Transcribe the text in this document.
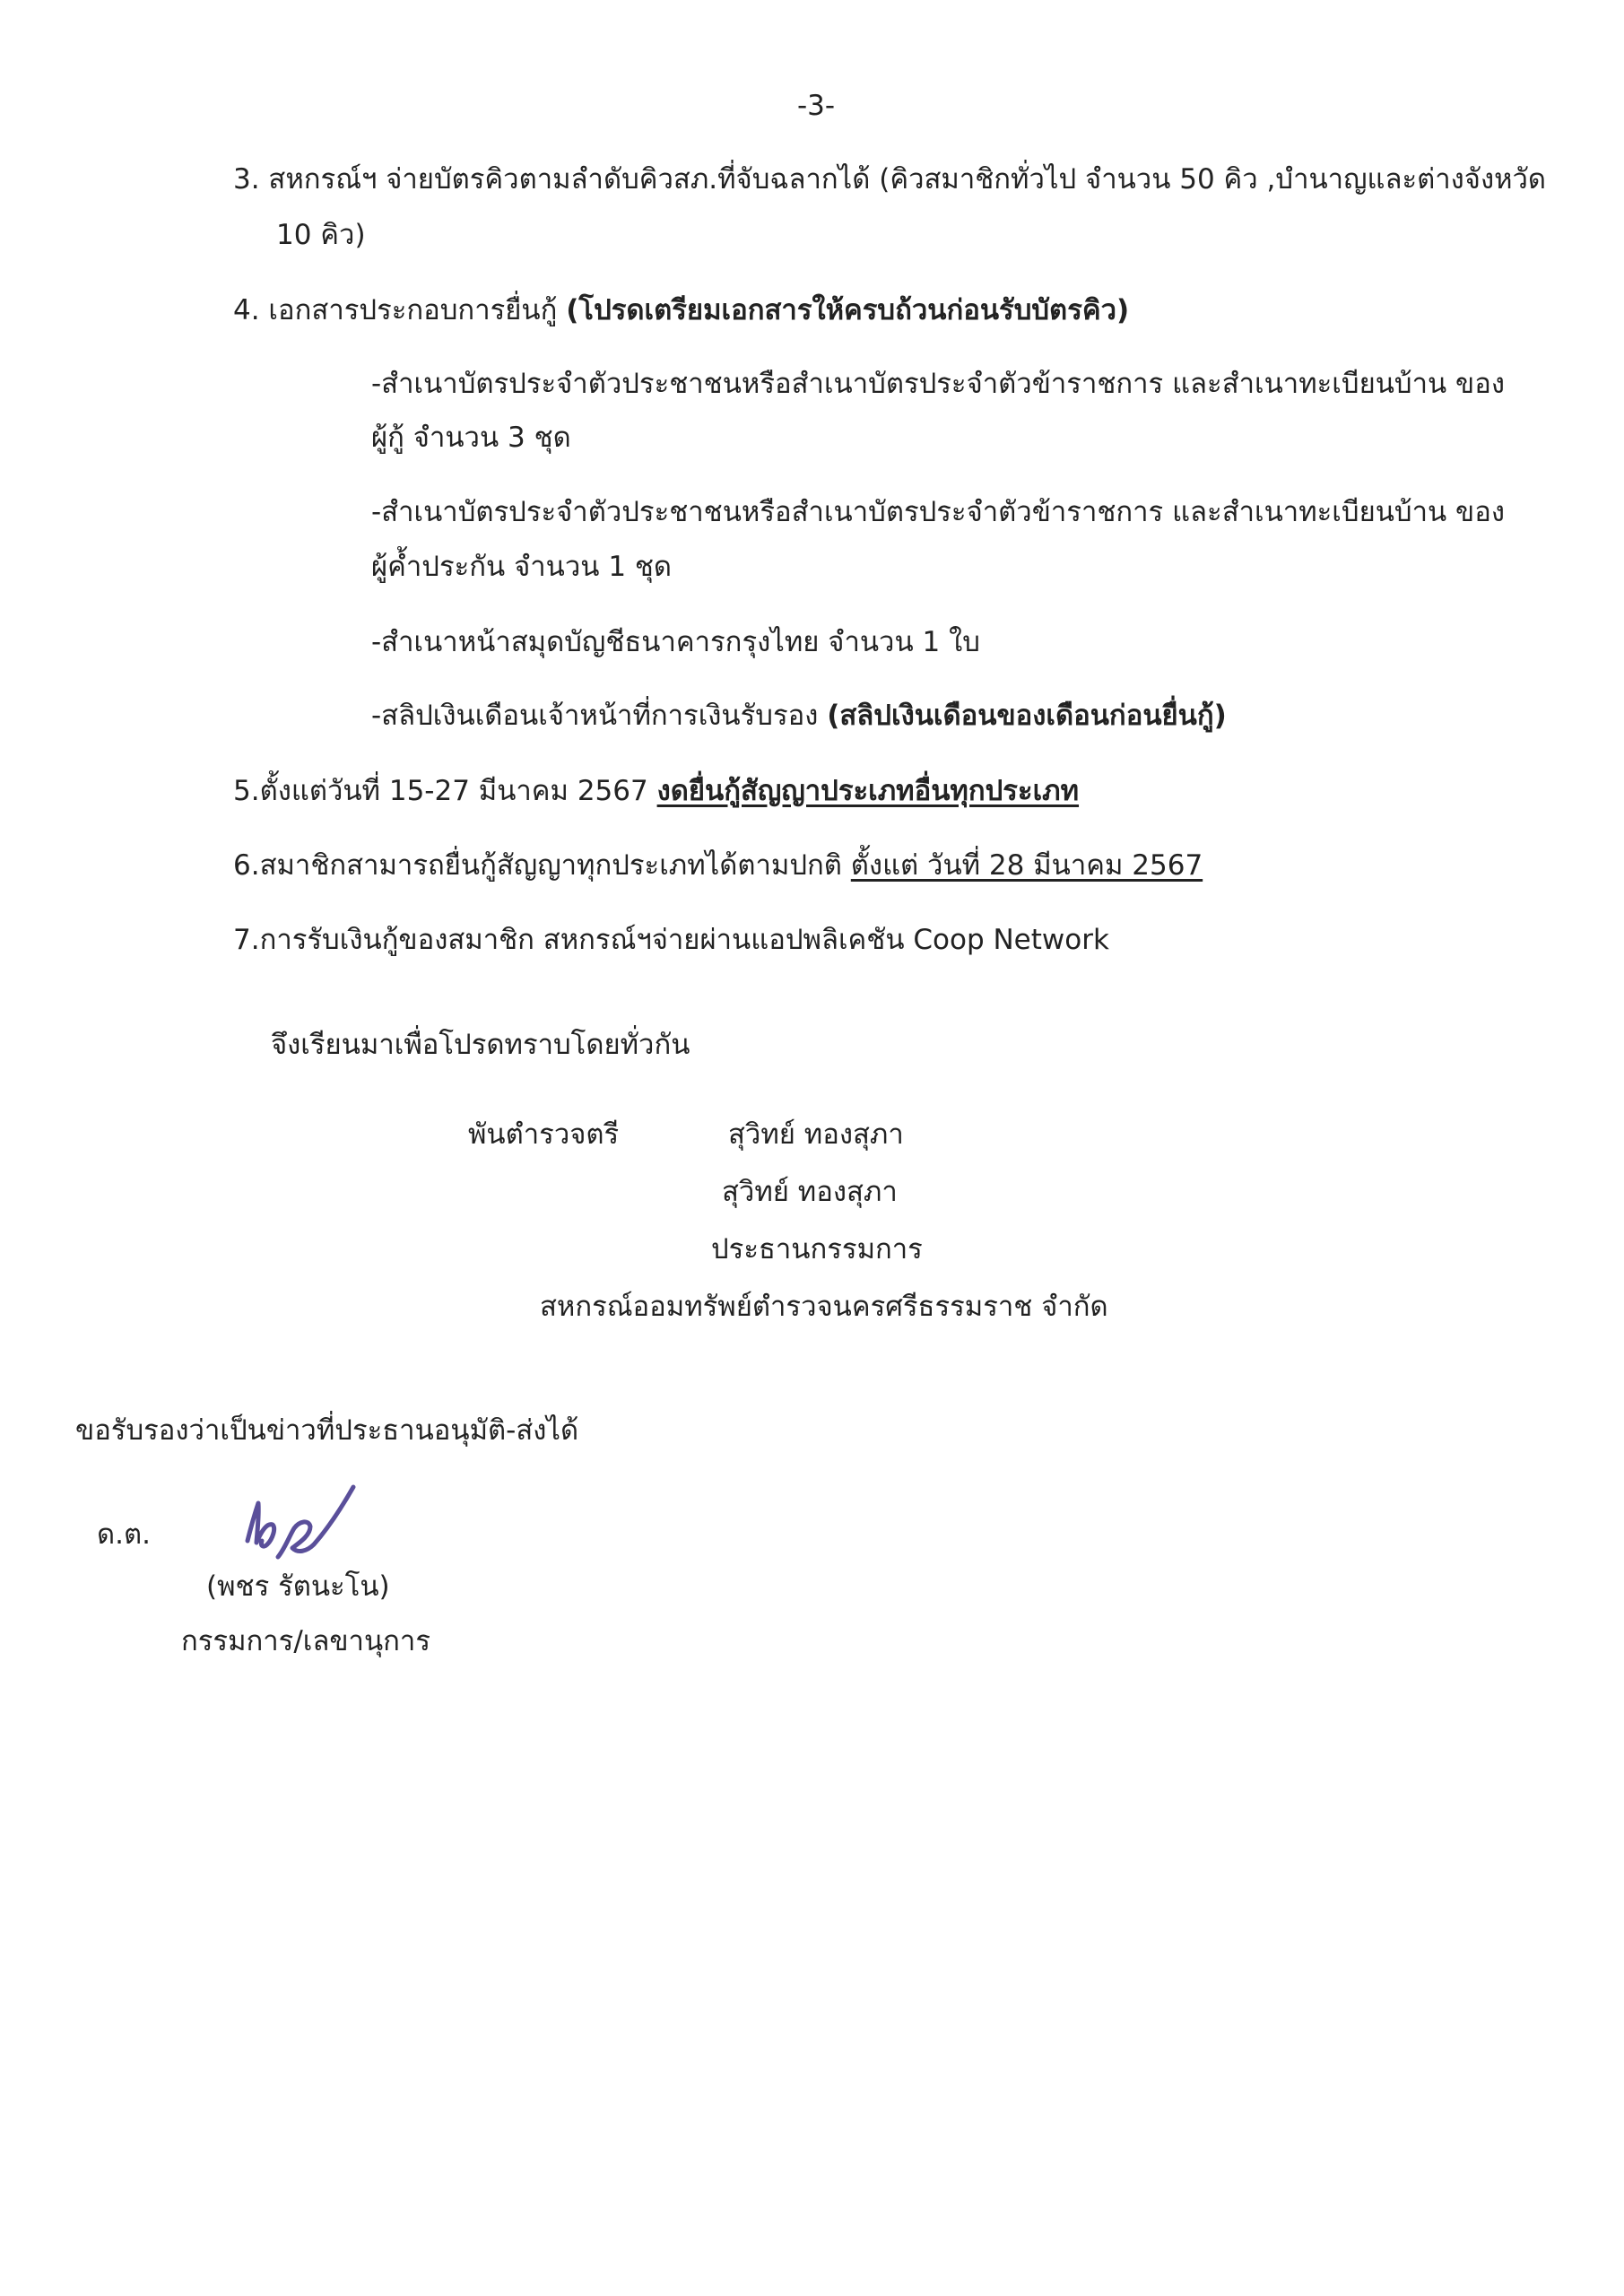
-3-
3. สหกรณ์ฯ จ่ายบัตรคิวตามลำดับคิวสภ.ที่จับฉลากได้ (คิวสมาชิกทั่วไป จำนวน 50 คิว ,บำนาญและต่างจังหวัด
10 คิว)
4. เอกสารประกอบการยื่นกู้ (โปรดเตรียมเอกสารให้ครบถ้วนก่อนรับบัตรคิว)
-สำเนาบัตรประจำตัวประชาชนหรือสำเนาบัตรประจำตัวข้าราชการ และสำเนาทะเบียนบ้าน ของ
ผู้กู้ จำนวน 3 ชุด
-สำเนาบัตรประจำตัวประชาชนหรือสำเนาบัตรประจำตัวข้าราชการ และสำเนาทะเบียนบ้าน ของ
ผู้ค้ำประกัน จำนวน 1 ชุด
-สำเนาหน้าสมุดบัญชีธนาคารกรุงไทย จำนวน 1 ใบ
-สลิปเงินเดือนเจ้าหน้าที่การเงินรับรอง (สลิปเงินเดือนของเดือนก่อนยื่นกู้)
5.ตั้งแต่วันที่ 15-27 มีนาคม 2567 งดยื่นกู้สัญญาประเภทอื่นทุกประเภท
6.สมาชิกสามารถยื่นกู้สัญญาทุกประเภทได้ตามปกติ ตั้งแต่ วันที่ 28 มีนาคม 2567
7.การรับเงินกู้ของสมาชิก สหกรณ์ฯจ่ายผ่านแอปพลิเคชัน Coop Network
จึงเรียนมาเพื่อโปรดทราบโดยทั่วกัน
พันตำรวจตรี	สุวิทย์ ทองสุภา
สุวิทย์ ทองสุภา
ประธานกรรมการ
สหกรณ์ออมทรัพย์ตำรวจนครศรีธรรมราช จำกัด
ขอรับรองว่าเป็นข่าวที่ประธานอนุมัติ-ส่งได้
ด.ต.
(พชร รัตนะโน)
กรรมการ/เลขานุการ
